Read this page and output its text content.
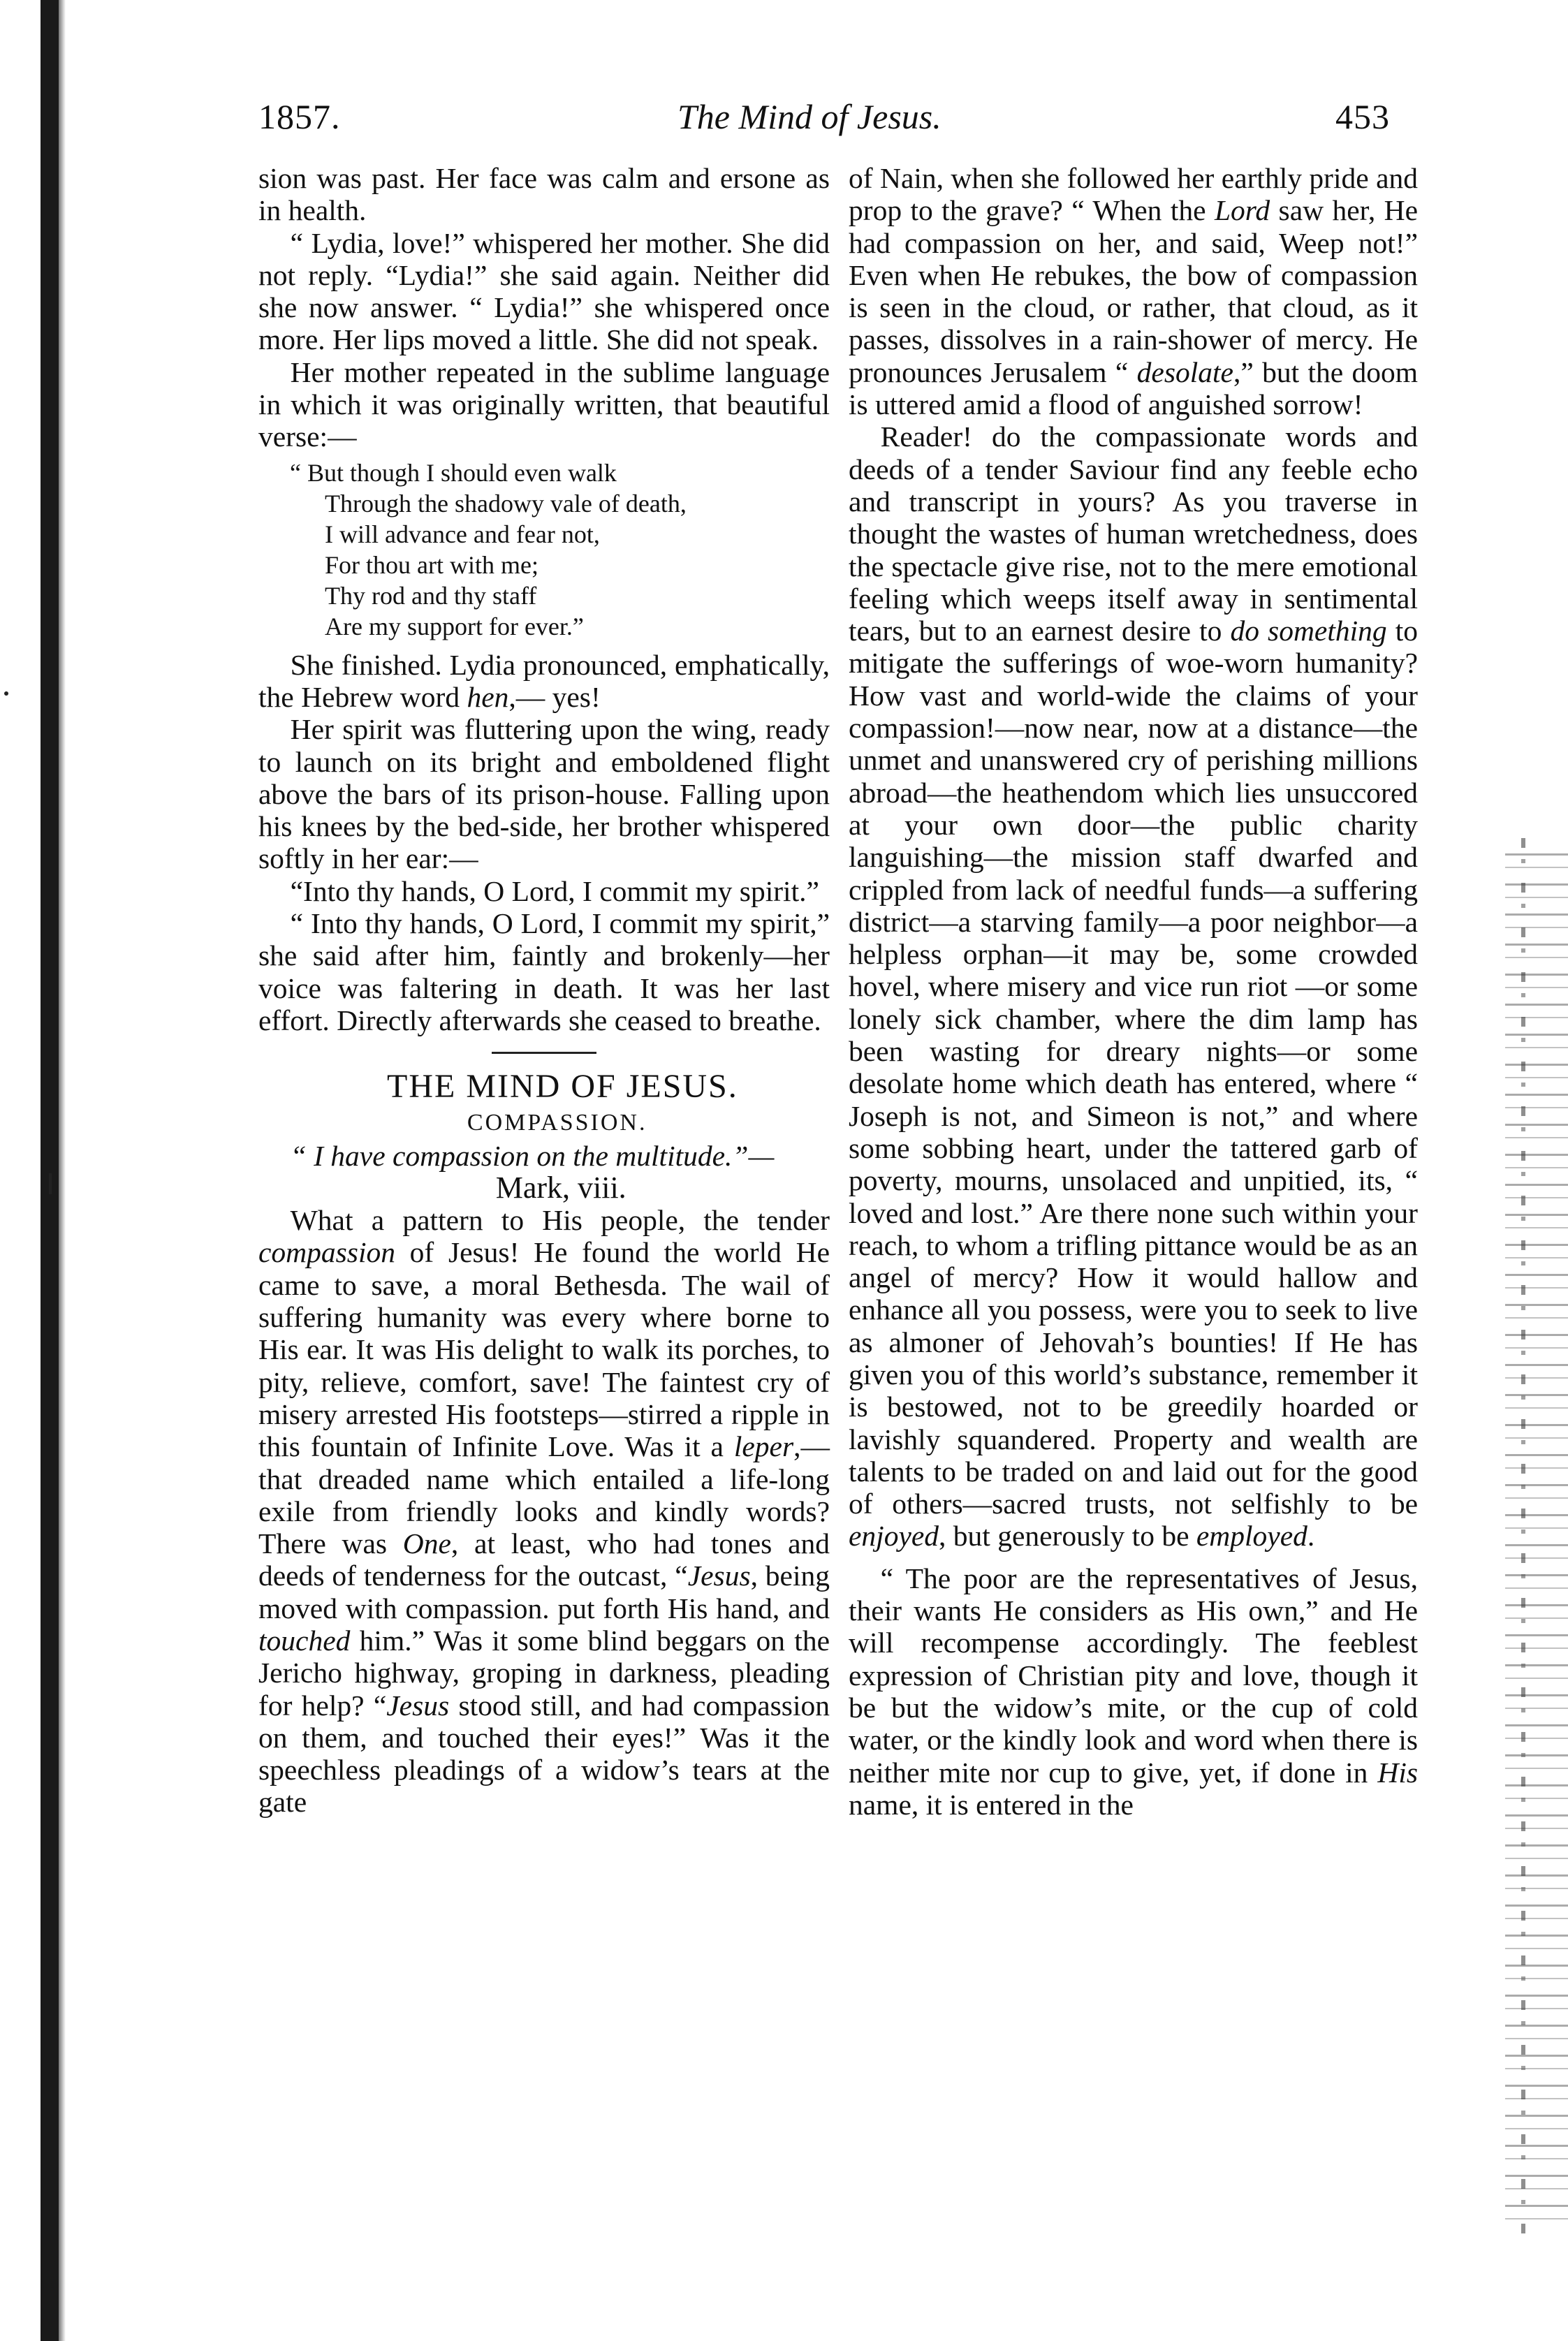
1857.	The Mind of Jesus.	453

sion was past. Her face was calm and ersone as in health.

“ Lydia, love!” whispered her mother. She did not reply. “Lydia!” she said again. Neither did she now answer. “ Lydia!” she whispered once more. Her lips moved a little. She did not speak.

Her mother repeated in the sublime language in which it was originally written, that beautiful verse:—

“ But though I should even walk
Through the shadowy vale of death,
I will advance and fear not,
For thou art with me;
Thy rod and thy staff
Are my support for ever.”

She finished. Lydia pronounced, emphatically, the Hebrew word hen,— yes!

Her spirit was fluttering upon the wing, ready to launch on its bright and emboldened flight above the bars of its prison-house. Falling upon his knees by the bed-side, her brother whispered softly in her ear:—

“Into thy hands, O Lord, I commit my spirit.”

“ Into thy hands, O Lord, I commit my spirit,” she said after him, faintly and brokenly—her voice was faltering in death. It was her last effort. Directly afterwards she ceased to breathe.

THE MIND OF JESUS.

COMPASSION.

“ I have compassion on the multitude.”—

Mark, viii.

What a pattern to His people, the tender compassion of Jesus! He found the world He came to save, a moral Bethesda. The wail of suffering humanity was every where borne to His ear. It was His delight to walk its porches, to pity, relieve, comfort, save! The faintest cry of misery arrested His footsteps—stirred a ripple in this fountain of Infinite Love. Was it a leper,—that dreaded name which entailed a life-long exile from friendly looks and kindly words? There was One, at least, who had tones and deeds of tenderness for the outcast, “Jesus, being moved with compassion. put forth His hand, and touched him.” Was it some blind beggars on the Jericho highway, groping in darkness, pleading for help? “Jesus stood still, and had compassion on them, and touched their eyes!” Was it the speechless pleadings of a widow’s tears at the gate

of Nain, when she followed her earthly pride and prop to the grave? “ When the Lord saw her, He had compassion on her, and said, Weep not!” Even when He rebukes, the bow of compassion is seen in the cloud, or rather, that cloud, as it passes, dissolves in a rain-shower of mercy. He pronounces Jerusalem “ desolate,” but the doom is uttered amid a flood of anguished sorrow!

Reader! do the compassionate words and deeds of a tender Saviour find any feeble echo and transcript in yours? As you traverse in thought the wastes of human wretchedness, does the spectacle give rise, not to the mere emotional feeling which weeps itself away in sentimental tears, but to an earnest desire to do something to mitigate the sufferings of woe-worn humanity? How vast and world-wide the claims of your compassion!—now near, now at a distance—the unmet and unanswered cry of perishing millions abroad—the heathendom which lies unsuccored at your own door—the public charity languishing—the mission staff dwarfed and crippled from lack of needful funds—a suffering district—a starving family—a poor neighbor—a helpless orphan—it may be, some crowded hovel, where misery and vice run riot —or some lonely sick chamber, where the dim lamp has been wasting for dreary nights—or some desolate home which death has entered, where “ Joseph is not, and Simeon is not,” and where some sobbing heart, under the tattered garb of poverty, mourns, unsolaced and unpitied, its, “ loved and lost.” Are there none such within your reach, to whom a trifling pittance would be as an angel of mercy? How it would hallow and enhance all you possess, were you to seek to live as almoner of Jehovah’s bounties! If He has given you of this world’s substance, remember it is bestowed, not to be greedily hoarded or lavishly squandered. Property and wealth are talents to be traded on and laid out for the good of others—sacred trusts, not selfishly to be enjoyed, but generously to be employed.

“ The poor are the representatives of Jesus, their wants He considers as His own,” and He will recompense accordingly. The feeblest expression of Christian pity and love, though it be but the widow’s mite, or the cup of cold water, or the kindly look and word when there is neither mite nor cup to give, yet, if done in His name, it is entered in the
